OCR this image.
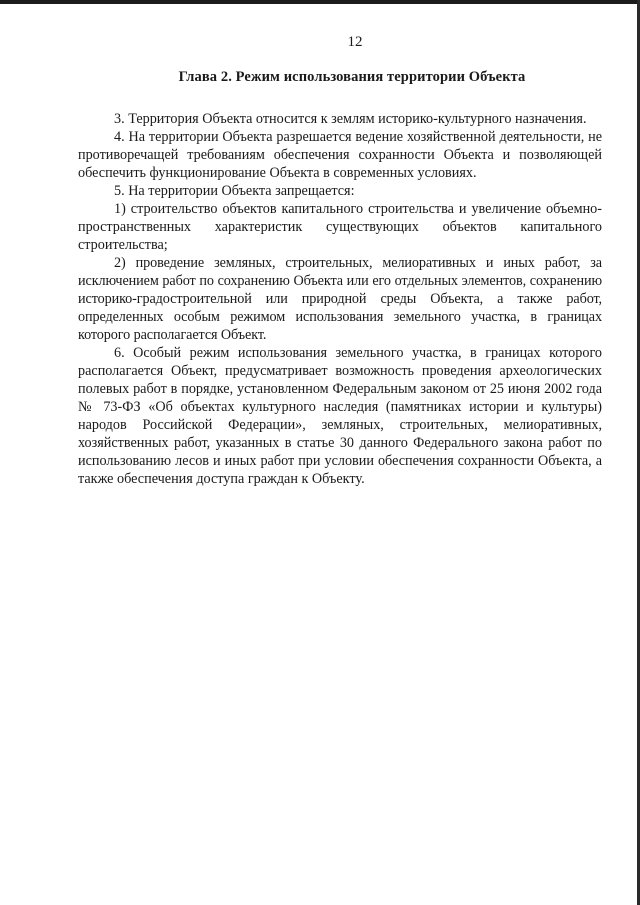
12
Глава 2. Режим использования территории Объекта

3. Территория Объекта относится к землям историко-культурного назначения.

4. На территории Объекта разрешается ведение хозяйственной деятельности, не противоречащей требованиям обеспечения сохранности Объекта и позволяющей обеспечить функционирование Объекта в современных условиях.

5. На территории Объекта запрещается:

1) строительство объектов капитального строительства и увеличение объемно-пространственных характеристик существующих объектов капитального строительства;

2) проведение земляных, строительных, мелиоративных и иных работ, за исключением работ по сохранению Объекта или его отдельных элементов, сохранению историко-градостроительной или природной среды Объекта, а также работ, определенных особым режимом использования земельного участка, в границах которого располагается Объект.

6. Особый режим использования земельного участка, в границах которого располагается Объект, предусматривает возможность проведения археологических полевых работ в порядке, установленном Федеральным законом от 25 июня 2002 года № 73-ФЗ «Об объектах культурного наследия (памятниках истории и культуры) народов Российской Федерации», земляных, строительных, мелиоративных, хозяйственных работ, указанных в статье 30 данного Федерального закона работ по использованию лесов и иных работ при условии обеспечения сохранности Объекта, а также обеспечения доступа граждан к Объекту.
